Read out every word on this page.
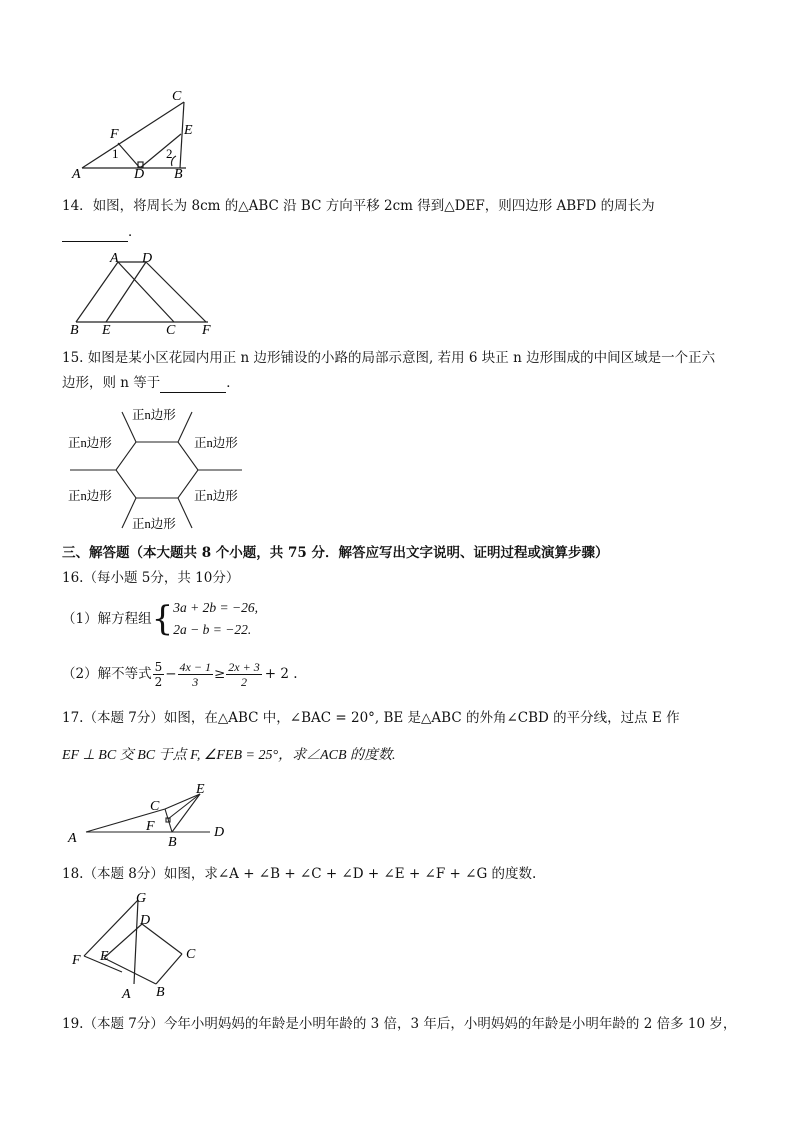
C
F	E
1	2
A	D B
14．如图，将周长为 8cm 的△ABC 沿 BC 方向平移 2cm 得到△DEF，则四边形 ABFD 的周长为
．
A D
B E	C F
15. 如图是某小区花园内用正 n 边形铺设的小路的局部示意图, 若用 6 块正 n 边形围成的中间区域是一个正六
边形，则 n 等于	．
正n边形
正n边形	正n边形
正n边形	正n边形
正n边形
三、解答题（本大题共 8 个小题，共 75 分．解答应写出文字说明、证明过程或演算步骤）
16.（每小题 5分，共 10分）
（1）解方程组 { 3a + 2b = −26,
2a − b = −22.
（2）解不等式 $\frac{5}{2} - \frac{4x - 1}{3} \ge \frac{2x + 3}{2} + 2$ .
17.（本题 7分）如图，在△ABC 中，∠BAC = 20°, BE 是△ABC 的外角∠CBD 的平分线，过点 E 作
EF ⊥ BC 交 BC 于点 F, ∠FEB = 25°，求∠ACB 的度数.
E
C
F
A	B
D
18.（本题 8分）如图，求∠A + ∠B + ∠C + ∠D + ∠E + ∠F + ∠G 的度数.
G
D
E
F	C
A B
19.（本题 7分）今年小明妈妈的年龄是小明年龄的 3 倍，3 年后，小明妈妈的年龄是小明年龄的 2 倍多 10 岁，
